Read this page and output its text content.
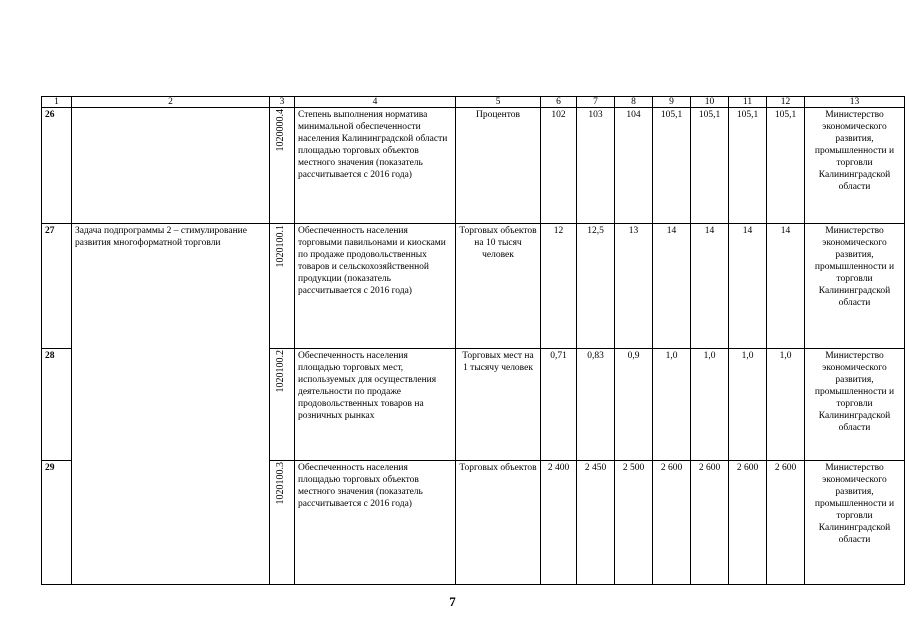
1	2	3	4	5	6	7	8	9	10	11	12	13
26		1020000.4	Степень выполнения норматива минимальной обеспеченности населения Калининградской области площадью торговых объектов местного значения (показатель рассчитывается с 2016 года)	Процентов	102	103	104	105,1	105,1	105,1	105,1	Министерство экономического развития, промышленности и торговли Калининградской области
27	Задача подпрограммы 2 – стимулирование развития многоформатной торговли	1020100.1	Обеспеченность населения торговыми павильонами и киосками по продаже продовольственных товаров и сельскохозяйственной продукции (показатель рассчитывается с 2016 года)	Торговых объектов на 10 тысяч человек	12	12,5	13	14	14	14	14	Министерство экономического развития, промышленности и торговли Калининградской области
28		1020100.2	Обеспеченность населения площадью торговых мест, используемых для осуществления деятельности по продаже продовольственных товаров на розничных рынках	Торговых мест на 1 тысячу человек	0,71	0,83	0,9	1,0	1,0	1,0	1,0	Министерство экономического развития, промышленности и торговли Калининградской области
29		1020100.3	Обеспеченность населения площадью торговых объектов местного значения (показатель рассчитывается с 2016 года)	Торговых объектов	2 400	2 450	2 500	2 600	2 600	2 600	2 600	Министерство экономического развития, промышленности и торговли Калининградской области
7
